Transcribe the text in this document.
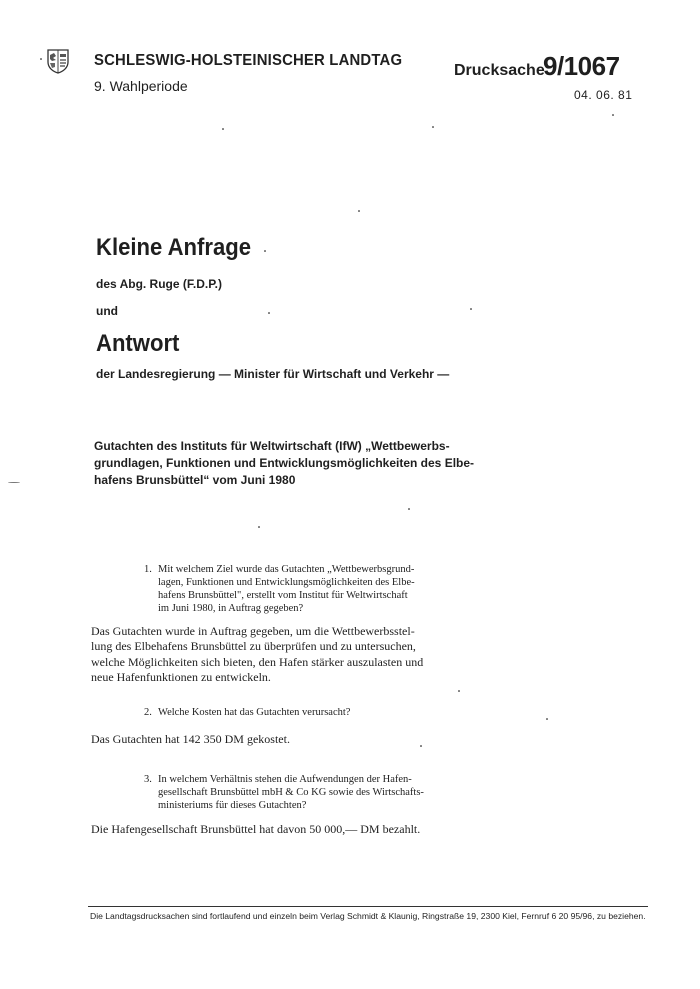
SCHLESWIG-HOLSTEINISCHER LANDTAG
9. Wahlperiode
Drucksache
9/1067
04. 06. 81
Kleine Anfrage
des Abg. Ruge (F.D.P.)
und
Antwort
der Landesregierung — Minister für Wirtschaft und Verkehr —
Gutachten des Instituts für Weltwirtschaft (IfW) „Wettbewerbs-
grundlagen, Funktionen und Entwicklungsmöglichkeiten des Elbe-
hafens Brunsbüttel“ vom Juni 1980
1. Mit welchem Ziel wurde das Gutachten „Wettbewerbsgrund-
lagen, Funktionen und Entwicklungsmöglichkeiten des Elbe-
hafens Brunsbüttel", erstellt vom Institut für Weltwirtschaft
im Juni 1980, in Auftrag gegeben?
Das Gutachten wurde in Auftrag gegeben, um die Wettbewerbsstel-
lung des Elbehafens Brunsbüttel zu überprüfen und zu untersuchen,
welche Möglichkeiten sich bieten, den Hafen stärker auszulasten und
neue Hafenfunktionen zu entwickeln.
2. Welche Kosten hat das Gutachten verursacht?
Das Gutachten hat 142 350 DM gekostet.
3. In welchem Verhältnis stehen die Aufwendungen der Hafen-
gesellschaft Brunsbüttel mbH & Co KG sowie des Wirtschafts-
ministeriums für dieses Gutachten?
Die Hafengesellschaft Brunsbüttel hat davon 50 000,— DM bezahlt.
Die Landtagsdrucksachen sind fortlaufend und einzeln beim Verlag Schmidt & Klaunig, Ringstraße 19, 2300 Kiel, Fernruf 6 20 95/96, zu beziehen.
